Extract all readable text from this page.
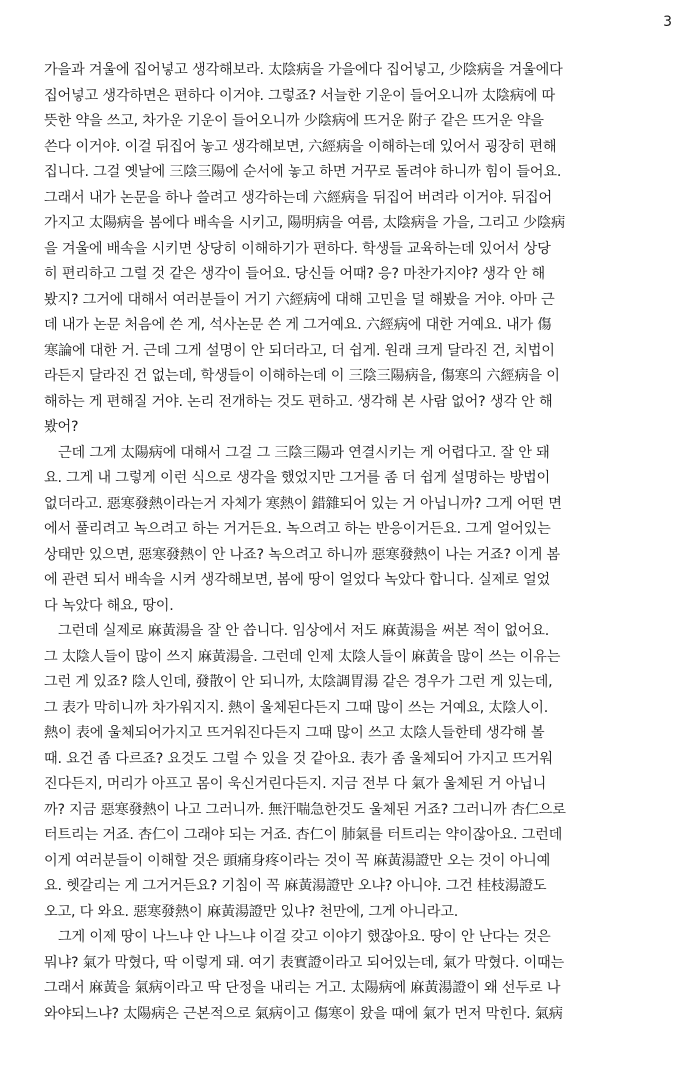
3
가을과 겨울에 집어넣고 생각해보라. 太陰病을 가을에다 집어넣고, 少陰病을 겨울에다
집어넣고 생각하면은 편하다 이거야. 그렇죠? 서늘한 기운이 들어오니까 太陰病에 따
뜻한 약을 쓰고, 차가운 기운이 들어오니까 少陰病에 뜨거운 附子 같은 뜨거운 약을
쓴다 이거야. 이걸 뒤집어 놓고 생각해보면, 六經病을 이해하는데 있어서 굉장히 편해
집니다. 그걸 옛날에 三陰三陽에 순서에 놓고 하면 거꾸로 돌려야 하니까 힘이 들어요.
그래서 내가 논문을 하나 쓸려고 생각하는데 六經病을 뒤집어 버려라 이거야. 뒤집어
가지고 太陽病을 봄에다 배속을 시키고, 陽明病을 여름, 太陰病을 가을, 그리고 少陰病
을 겨울에 배속을 시키면 상당히 이해하기가 편하다. 학생들 교육하는데 있어서 상당
히 편리하고 그럴 것 같은 생각이 들어요. 당신들 어때? 응? 마찬가지야? 생각 안 해
봤지? 그거에 대해서 여러분들이 거기 六經病에 대해 고민을 덜 해봤을 거야. 아마 근
데 내가 논문 처음에 쓴 게, 석사논문 쓴 게 그거예요. 六經病에 대한 거예요. 내가 傷
寒論에 대한 거. 근데 그게 설명이 안 되더라고, 더 쉽게. 원래 크게 달라진 건, 치법이
라든지 달라진 건 없는데, 학생들이 이해하는데 이 三陰三陽病을, 傷寒의 六經病을 이
해하는 게 편해질 거야. 논리 전개하는 것도 편하고. 생각해 본 사람 없어? 생각 안 해
봤어?
근데 그게 太陽病에 대해서 그걸 그 三陰三陽과 연결시키는 게 어렵다고. 잘 안 돼
요. 그게 내 그렇게 이런 식으로 생각을 했었지만 그거를 좀 더 쉽게 설명하는 방법이
없더라고. 惡寒發熱이라는거 자체가 寒熱이 錯雜되어 있는 거 아닙니까? 그게 어떤 면
에서 풀리려고 녹으려고 하는 거거든요. 녹으려고 하는 반응이거든요. 그게 얼어있는
상태만 있으면, 惡寒發熱이 안 나죠? 녹으려고 하니까 惡寒發熱이 나는 거죠? 이게 봄
에 관련 되서 배속을 시켜 생각해보면, 봄에 땅이 얼었다 녹았다 합니다. 실제로 얼었
다 녹았다 해요, 땅이.
그런데 실제로 麻黃湯을 잘 안 씁니다. 임상에서 저도 麻黃湯을 써본 적이 없어요.
그 太陰人들이 많이 쓰지 麻黃湯을. 그런데 인제 太陰人들이 麻黃을 많이 쓰는 이유는
그런 게 있죠? 陰人인데, 發散이 안 되니까, 太陰調胃湯 같은 경우가 그런 게 있는데,
그 表가 막히니까 차가워지지. 熱이 울체된다든지 그때 많이 쓰는 거예요, 太陰人이.
熱이 表에 울체되어가지고 뜨거워진다든지 그때 많이 쓰고 太陰人들한테 생각해 볼
때. 요건 좀 다르죠? 요것도 그럴 수 있을 것 같아요. 表가 좀 울체되어 가지고 뜨거워
진다든지, 머리가 아프고 몸이 욱신거린다든지. 지금 전부 다 氣가 울체된 거 아닙니
까? 지금 惡寒發熱이 나고 그러니까. 無汗喘急한것도 울체된 거죠? 그러니까 杏仁으로
터트리는 거죠. 杏仁이 그래야 되는 거죠. 杏仁이 肺氣를 터트리는 약이잖아요. 그런데
이게 여러분들이 이해할 것은 頭痛身疼이라는 것이 꼭 麻黃湯證만 오는 것이 아니예
요. 헷갈리는 게 그거거든요? 기침이 꼭 麻黃湯證만 오냐? 아니야. 그건 桂枝湯證도
오고, 다 와요. 惡寒發熱이 麻黃湯證만 있냐? 천만에, 그게 아니라고.
그게 이제 땅이 나느냐 안 나느냐 이걸 갖고 이야기 했잖아요. 땅이 안 난다는 것은
뭐냐? 氣가 막혔다, 딱 이렇게 돼. 여기 表實證이라고 되어있는데, 氣가 막혔다. 이때는
그래서 麻黃을 氣病이라고 딱 단정을 내리는 거고. 太陽病에 麻黃湯證이 왜 선두로 나
와야되느냐? 太陽病은 근본적으로 氣病이고 傷寒이 왔을 때에 氣가 먼저 막힌다. 氣病
